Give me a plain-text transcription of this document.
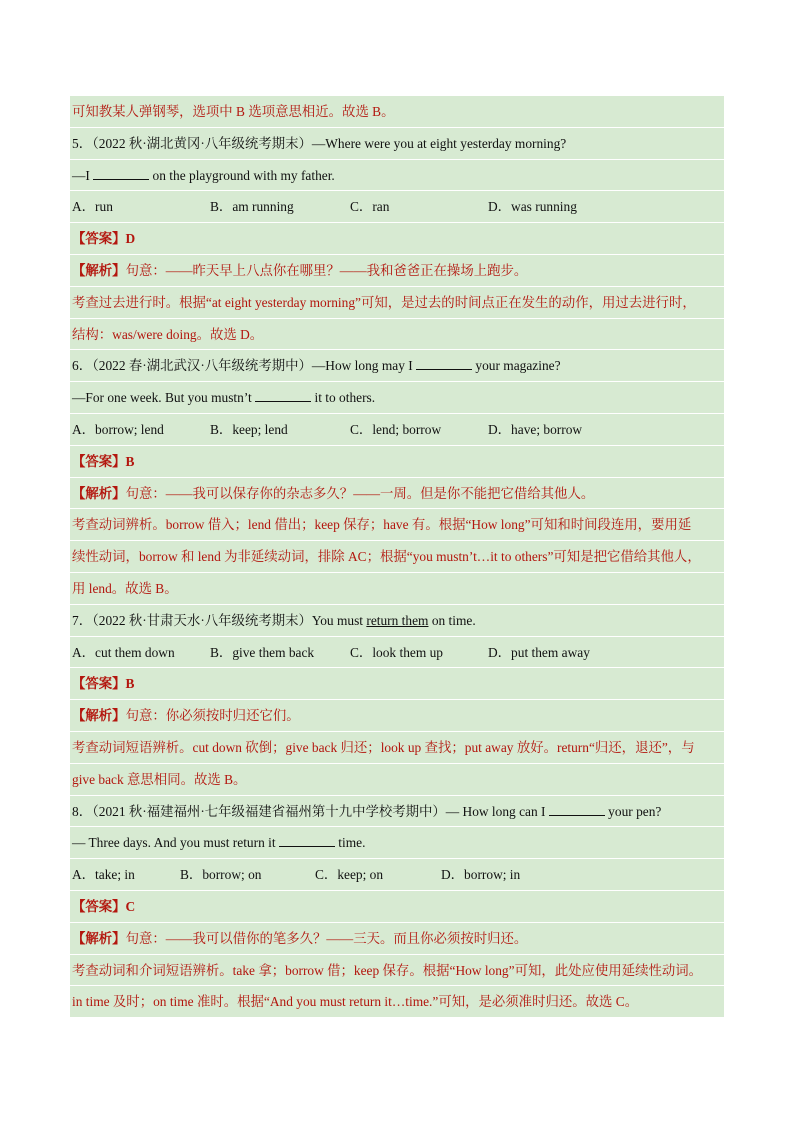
可知教某人弹钢琴，选项中 B 选项意思相近。故选 B。
5．（2022 秋·湖北黄冈·八年级统考期末）—Where were you at eight yesterday morning?
—I	on the playground with my father.
A．run	B．am running	C．ran	D．was running
【答案】D
【解析】句意：——昨天早上八点你在哪里？——我和爸爸正在操场上跑步。
考查过去进行时。根据“at eight yesterday morning”可知，是过去的时间点正在发生的动作，用过去进行时，
结构：was/were doing。故选 D。
6．（2022 春·湖北武汉·八年级统考期中）—How long may I	your magazine?
—For one week. But you mustn’t	it to others.
A．borrow; lend	B．keep; lend	C．lend; borrow	D．have; borrow
【答案】B
【解析】句意：——我可以保存你的杂志多久？——一周。但是你不能把它借给其他人。
考查动词辨析。borrow 借入；lend 借出；keep 保存；have 有。根据“How long”可知和时间段连用，要用延
续性动词，borrow 和 lend 为非延续动词，排除 AC；根据“you mustn’t…it to others”可知是把它借给其他人，
用 lend。故选 B。
7．（2022 秋·甘肃天水·八年级统考期末）You must return them on time.
A．cut them down	B．give them back	C．look them up	D．put them away
【答案】B
【解析】句意：你必须按时归还它们。
考查动词短语辨析。cut down 砍倒；give back 归还；look up 查找；put away 放好。return“归还，退还”，与
give back 意思相同。故选 B。
8．（2021 秋·福建福州·七年级福建省福州第十九中学校考期中）— How long can I	your pen?
— Three days. And you must return it	time.
A．take; in	B．borrow; on	C．keep; on	D．borrow; in
【答案】C
【解析】句意：——我可以借你的笔多久？——三天。而且你必须按时归还。
考查动词和介词短语辨析。take 拿；borrow 借；keep 保存。根据“How long”可知，此处应使用延续性动词。
in time 及时；on time 准时。根据“And you must return it…time.”可知，是必须准时归还。故选 C。
